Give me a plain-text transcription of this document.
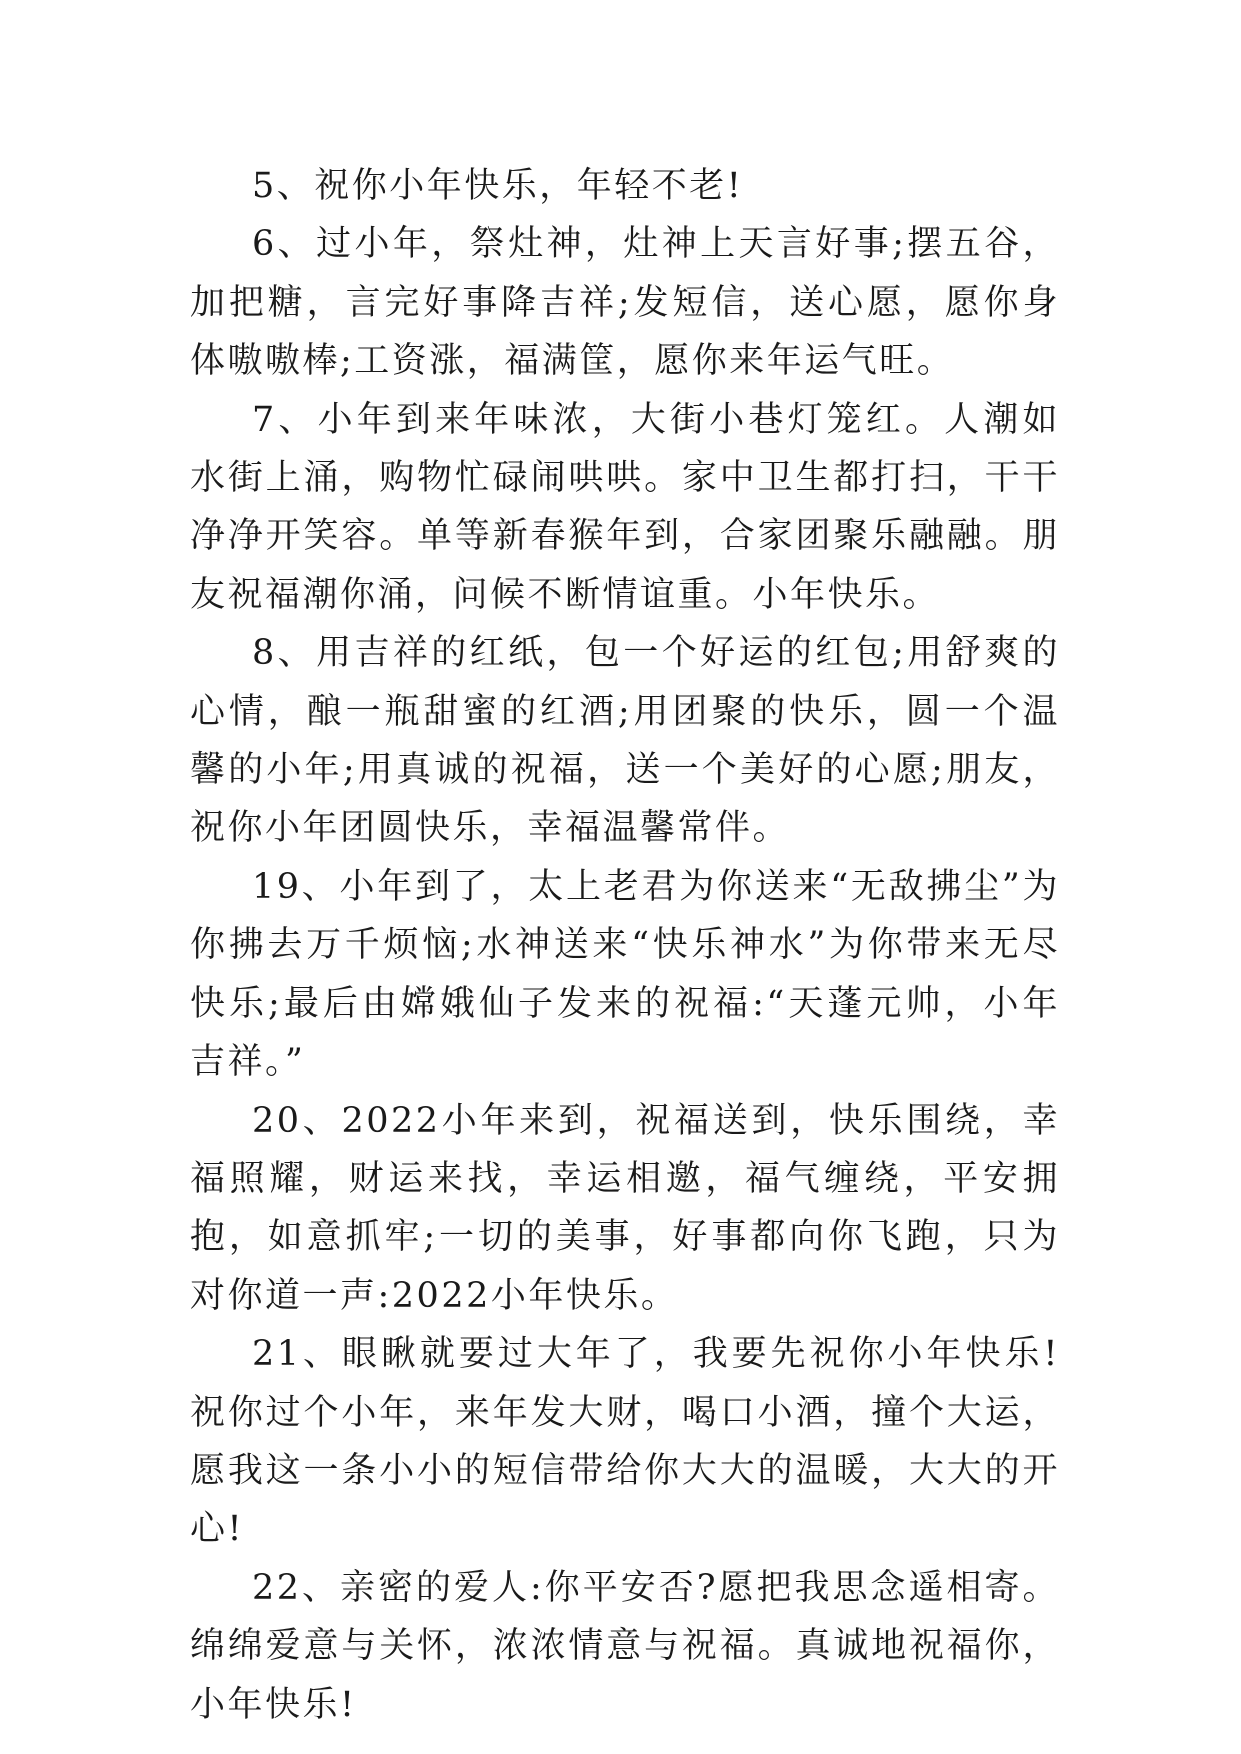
5、祝你小年快乐，年轻不老!

6、过小年，祭灶神，灶神上天言好事;摆五谷，加把糖，言完好事降吉祥;发短信，送心愿，愿你身体嗷嗷棒;工资涨，福满筐，愿你来年运气旺。

7、小年到来年味浓，大街小巷灯笼红。人潮如水街上涌，购物忙碌闹哄哄。家中卫生都打扫，干干净净开笑容。单等新春猴年到，合家团聚乐融融。朋友祝福潮你涌，问候不断情谊重。小年快乐。

8、用吉祥的红纸，包一个好运的红包;用舒爽的心情，酿一瓶甜蜜的红酒;用团聚的快乐，圆一个温馨的小年;用真诚的祝福，送一个美好的心愿;朋友，祝你小年团圆快乐，幸福温馨常伴。

19、小年到了，太上老君为你送来“无敌拂尘”为你拂去万千烦恼;水神送来“快乐神水”为你带来无尽快乐;最后由嫦娥仙子发来的祝福:“天蓬元帅，小年吉祥。”

20、2022小年来到，祝福送到，快乐围绕，幸福照耀，财运来找，幸运相邀，福气缠绕，平安拥抱，如意抓牢;一切的美事，好事都向你飞跑，只为对你道一声:2022小年快乐。

21、眼瞅就要过大年了，我要先祝你小年快乐!祝你过个小年，来年发大财，喝口小酒，撞个大运，愿我这一条小小的短信带给你大大的温暖，大大的开心!

22、亲密的爱人:你平安否?愿把我思念遥相寄。绵绵爱意与关怀，浓浓情意与祝福。真诚地祝福你，小年快乐!
